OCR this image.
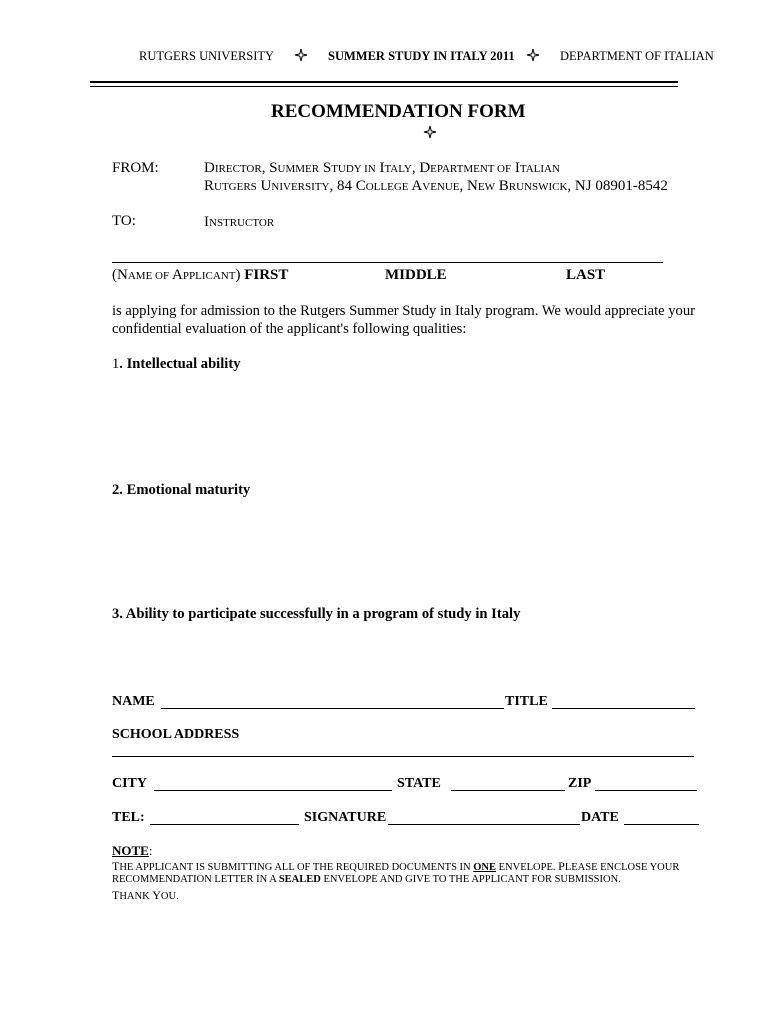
RUTGERS UNIVERSITY	SUMMER STUDY IN ITALY 2011	DEPARTMENT OF ITALIAN
RECOMMENDATION FORM
FROM:	DIRECTOR, SUMMER STUDY IN ITALY, DEPARTMENT OF ITALIAN
RUTGERS UNIVERSITY, 84 COLLEGE AVENUE, NEW BRUNSWICK, NJ 08901-8542
TO:	INSTRUCTOR
(NAME OF APPLICANT) FIRST	MIDDLE	LAST
is applying for admission to the Rutgers Summer Study in Italy program. We would appreciate your
confidential evaluation of the applicant's following qualities:
1. Intellectual ability
2. Emotional maturity
3. Ability to participate successfully in a program of study in Italy
NAME	TITLE
SCHOOL ADDRESS
CITY	STATE	ZIP
TEL:	SIGNATURE	DATE
NOTE:
THE APPLICANT IS SUBMITTING ALL OF THE REQUIRED DOCUMENTS IN ONE ENVELOPE. PLEASE ENCLOSE YOUR
RECOMMENDATION LETTER IN A SEALED ENVELOPE AND GIVE TO THE APPLICANT FOR SUBMISSION.
THANK YOU.
